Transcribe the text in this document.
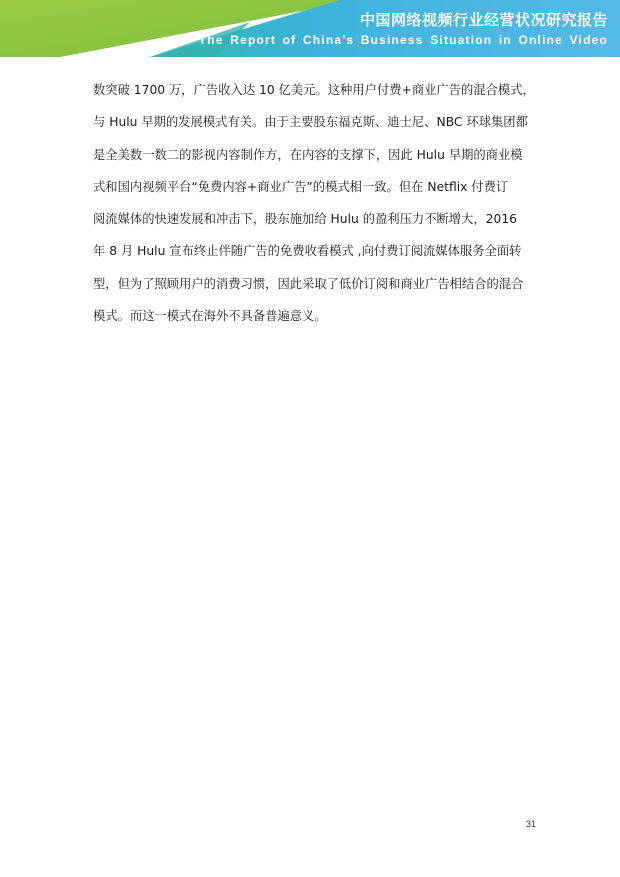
中国网络视频行业经营状况研究报告
The Report of China’s Business Situation in Online Video
数突破 1700 万，广告收入达 10 亿美元。这种用户付费+商业广告的混合模式，
与 Hulu 早期的发展模式有关。由于主要股东福克斯、迪士尼、NBC 环球集团都
是全美数一数二的影视内容制作方，在内容的支撑下，因此 Hulu 早期的商业模
式和国内视频平台“免费内容+商业广告”的模式相一致。但在 Netflix 付费订
阅流媒体的快速发展和冲击下，股东施加给 Hulu 的盈利压力不断增大，2016
年 8 月 Hulu 宣布终止伴随广告的免费收看模式 ,向付费订阅流媒体服务全面转
型，但为了照顾用户的消费习惯，因此采取了低价订阅和商业广告相结合的混合
模式。而这一模式在海外不具备普遍意义。
31
